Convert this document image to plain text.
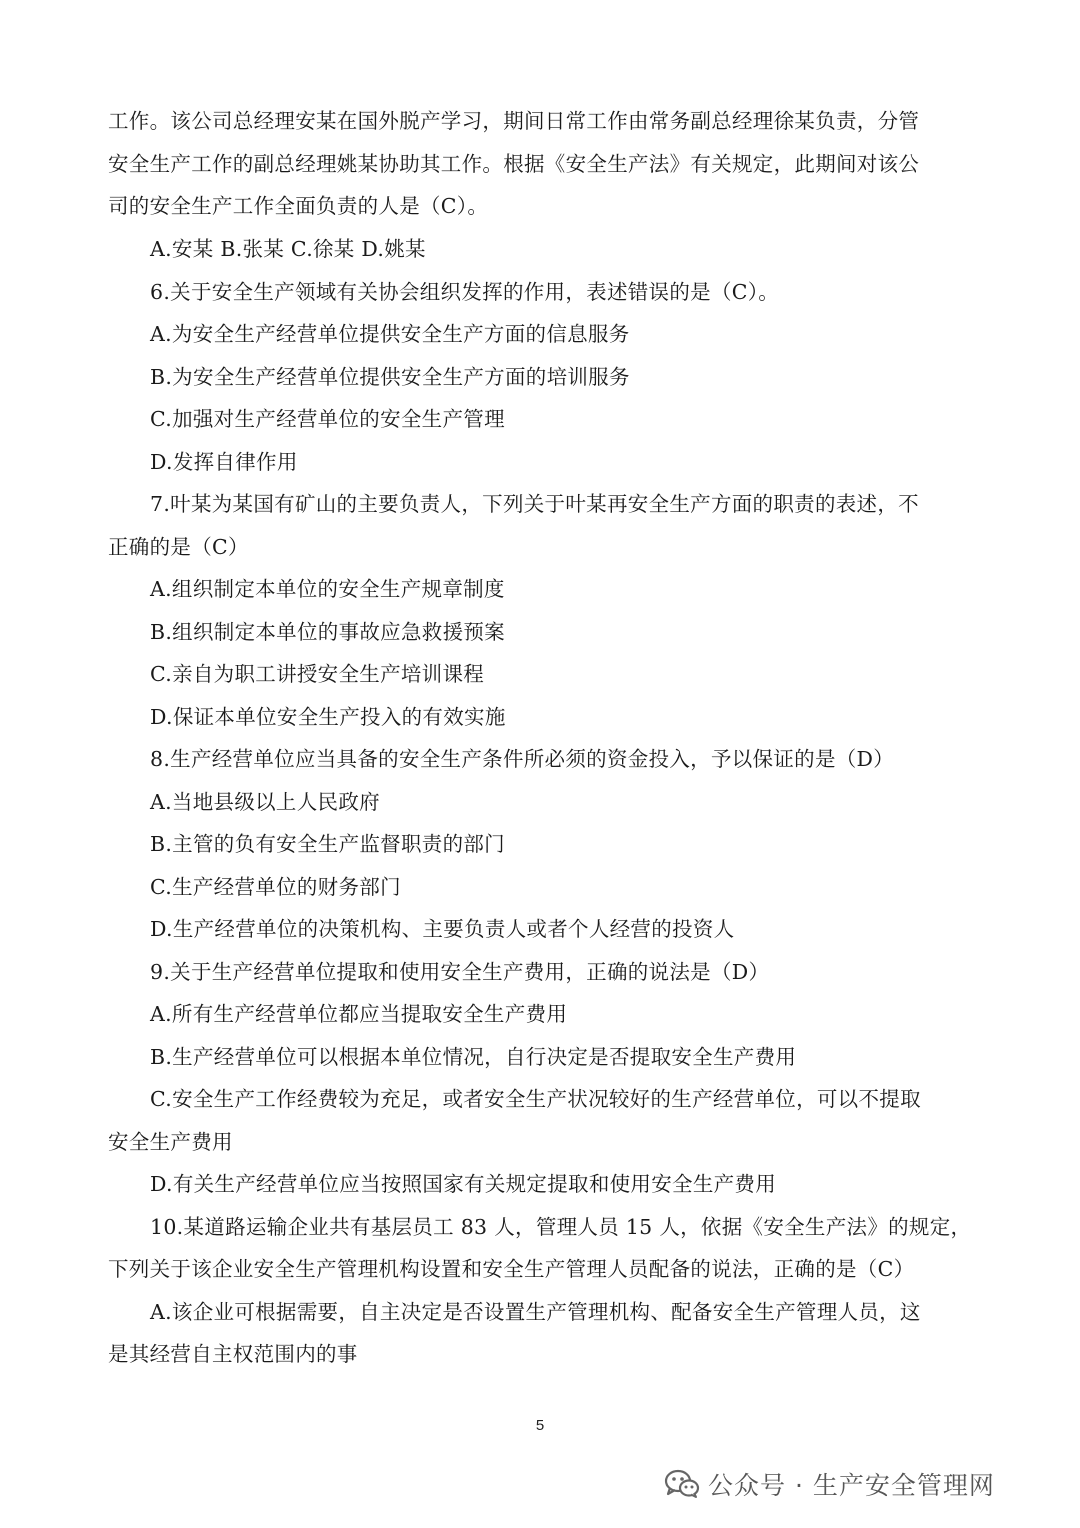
工作。该公司总经理安某在国外脱产学习，期间日常工作由常务副总经理徐某负责，分管
安全生产工作的副总经理姚某协助其工作。根据《安全生产法》有关规定，此期间对该公
司的安全生产工作全面负责的人是（C）。
A.安某 B.张某 C.徐某 D.姚某
6.关于安全生产领域有关协会组织发挥的作用，表述错误的是（C）。
A.为安全生产经营单位提供安全生产方面的信息服务
B.为安全生产经营单位提供安全生产方面的培训服务
C.加强对生产经营单位的安全生产管理
D.发挥自律作用
7.叶某为某国有矿山的主要负责人，下列关于叶某再安全生产方面的职责的表述，不
正确的是（C）
A.组织制定本单位的安全生产规章制度
B.组织制定本单位的事故应急救援预案
C.亲自为职工讲授安全生产培训课程
D.保证本单位安全生产投入的有效实施
8.生产经营单位应当具备的安全生产条件所必须的资金投入，予以保证的是（D）
A.当地县级以上人民政府
B.主管的负有安全生产监督职责的部门
C.生产经营单位的财务部门
D.生产经营单位的决策机构、主要负责人或者个人经营的投资人
9.关于生产经营单位提取和使用安全生产费用，正确的说法是（D）
A.所有生产经营单位都应当提取安全生产费用
B.生产经营单位可以根据本单位情况，自行决定是否提取安全生产费用
C.安全生产工作经费较为充足，或者安全生产状况较好的生产经营单位，可以不提取
安全生产费用
D.有关生产经营单位应当按照国家有关规定提取和使用安全生产费用
10.某道路运输企业共有基层员工 83 人，管理人员 15 人，依据《安全生产法》的规定，
下列关于该企业安全生产管理机构设置和安全生产管理人员配备的说法，正确的是（C）
A.该企业可根据需要，自主决定是否设置生产管理机构、配备安全生产管理人员，这
是其经营自主权范围内的事
5
公众号 · 生产安全管理网
